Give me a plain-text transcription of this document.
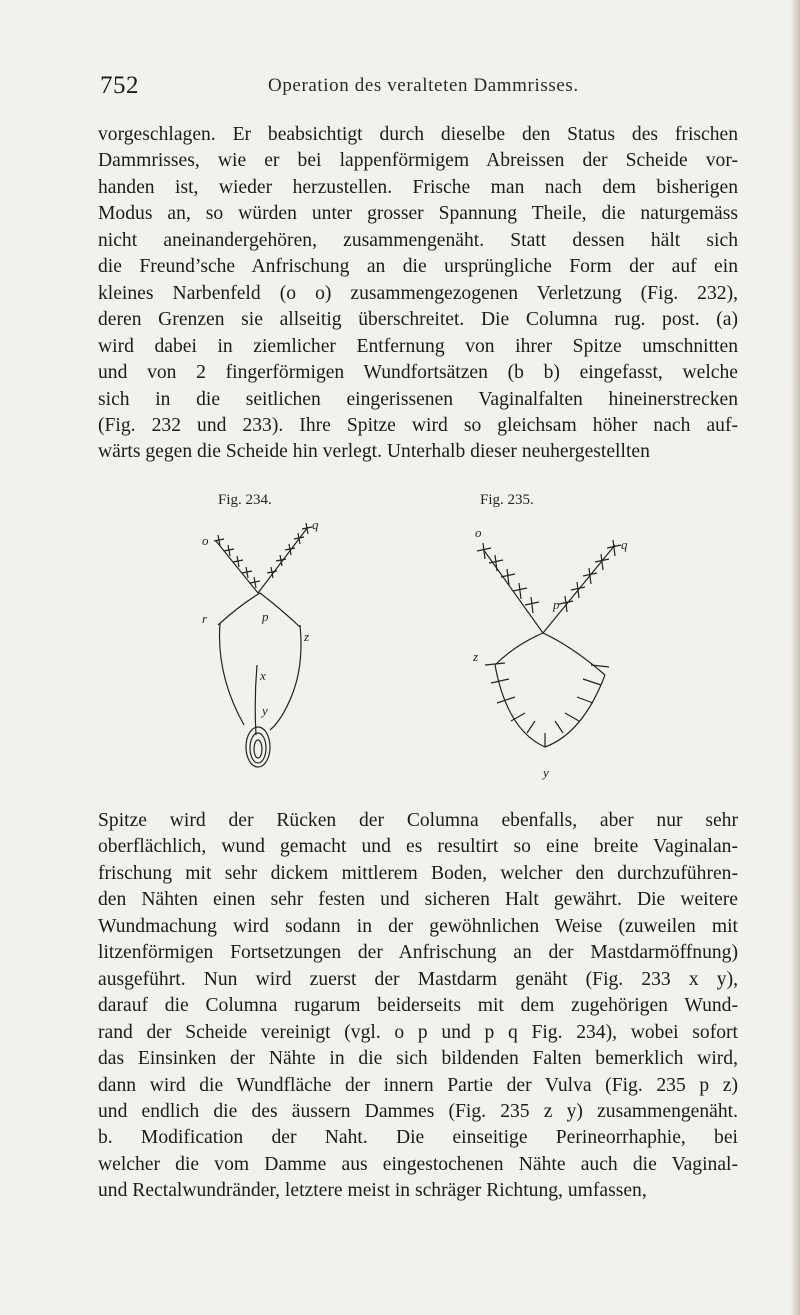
752	Operation des veralteten Dammrisses.
vorgeschlagen. Er beabsichtigt durch dieselbe den Status des frischen
Dammrisses, wie er bei lappenförmigem Abreissen der Scheide vor-
handen ist, wieder herzustellen. Frische man nach dem bisherigen
Modus an, so würden unter grosser Spannung Theile, die naturgemäss
nicht aneinandergehören, zusammengenäht. Statt dessen hält sich
die Freund’sche Anfrischung an die ursprüngliche Form der auf ein
kleines Narbenfeld (o o) zusammengezogenen Verletzung (Fig. 232),
deren Grenzen sie allseitig überschreitet. Die Columna rug. post. (a)
wird dabei in ziemlicher Entfernung von ihrer Spitze umschnitten
und von 2 fingerförmigen Wundfortsätzen (b b) eingefasst, welche
sich in die seitlichen eingerissenen Vaginalfalten hineinerstrecken
(Fig. 232 und 233). Ihre Spitze wird so gleichsam höher nach auf-
wärts gegen die Scheide hin verlegt. Unterhalb dieser neuhergestellten
Fig. 234.	Fig. 235.
o
q
p
r
z
x
y
o
q
p
z
y
Spitze wird der Rücken der Columna ebenfalls, aber nur sehr
oberflächlich, wund gemacht und es resultirt so eine breite Vaginalan-
frischung mit sehr dickem mittlerem Boden, welcher den durchzuführen-
den Nähten einen sehr festen und sicheren Halt gewährt. Die weitere
Wundmachung wird sodann in der gewöhnlichen Weise (zuweilen mit
litzenförmigen Fortsetzungen der Anfrischung an der Mastdarmöffnung)
ausgeführt. Nun wird zuerst der Mastdarm genäht (Fig. 233 x y),
darauf die Columna rugarum beiderseits mit dem zugehörigen Wund-
rand der Scheide vereinigt (vgl. o p und p q Fig. 234), wobei sofort
das Einsinken der Nähte in die sich bildenden Falten bemerklich wird,
dann wird die Wundfläche der innern Partie der Vulva (Fig. 235 p z)
und endlich die des äussern Dammes (Fig. 235 z y) zusammengenäht.
b. Modification der Naht. Die einseitige Perineorrhaphie, bei
welcher die vom Damme aus eingestochenen Nähte auch die Vaginal-
und Rectalwundränder, letztere meist in schräger Richtung, umfassen,
